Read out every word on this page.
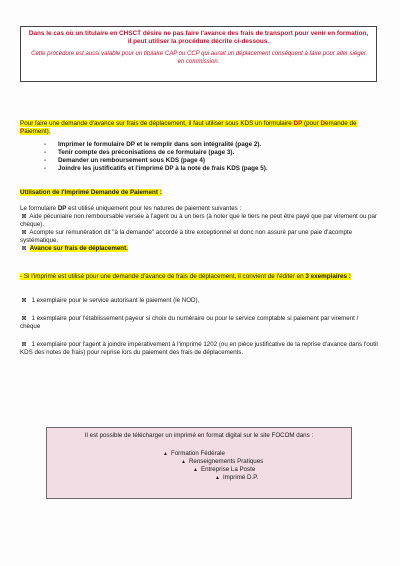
Dans le cas où un titulaire en CHSCT désire ne pas faire l'avance des frais de transport pour venir en formation, il peut utiliser la procédure décrite ci-dessous.
Cette procédure est aussi valable pour un titulaire CAP ou CCP qui aurait un déplacement conséquent à faire pour aller siéger en commission.
Pour faire une demande d'avance sur frais de déplacement, il faut utiliser sous KDS un formulaire DP (pour Demande de Paiement).
- Imprimer le formulaire DP et le remplir dans son intégralité (page 2).
- Tenir compte des préconisations de ce formulaire (page 3).
- Demander un remboursement sous KDS (page 4)
- Joindre les justificatifs et l'imprimé DP à la note de frais KDS (page 5).
Utilisation de l'Imprimé Demande de Paiement :

Le formulaire DP est utilisé uniquement pour les natures de paiement suivantes :

⊠ Aide pécuniaire non remboursable versée à l'agent ou à un tiers (à noter que le tiers ne peut être payé que par virement ou par chèque).

⊠ Acompte sur rémunération dit "à la demande" accordé à titre exceptionnel et donc non assuré par une paie d'acompte systématique.

⊠ Avance sur frais de déplacement.

- Si l'imprimé est utilisé pour une demande d'avance de frais de déplacement, il convient de l'éditer en 3 exemplaires :
⊠ 1 exemplaire pour le service autorisant le paiement (le NOD),
⊠ 1 exemplaire pour l'établissement payeur si choix du numéraire ou pour le service comptable si paiement par virement / chèque
⊠ 1 exemplaire pour l'agent à joindre impérativement à l'imprimé 1202 (ou en pièce justificative de la reprise d'avance dans l'outil KDS des notes de frais) pour reprise lors du paiement des frais de déplacements.
Il est possible de télécharger un imprimé en format digital sur le site FOCOM dans :
▲ Formation Fédérale
▲ Renseignements Pratiques
▲ Entreprise La Poste
▲ Imprimé D.P.
